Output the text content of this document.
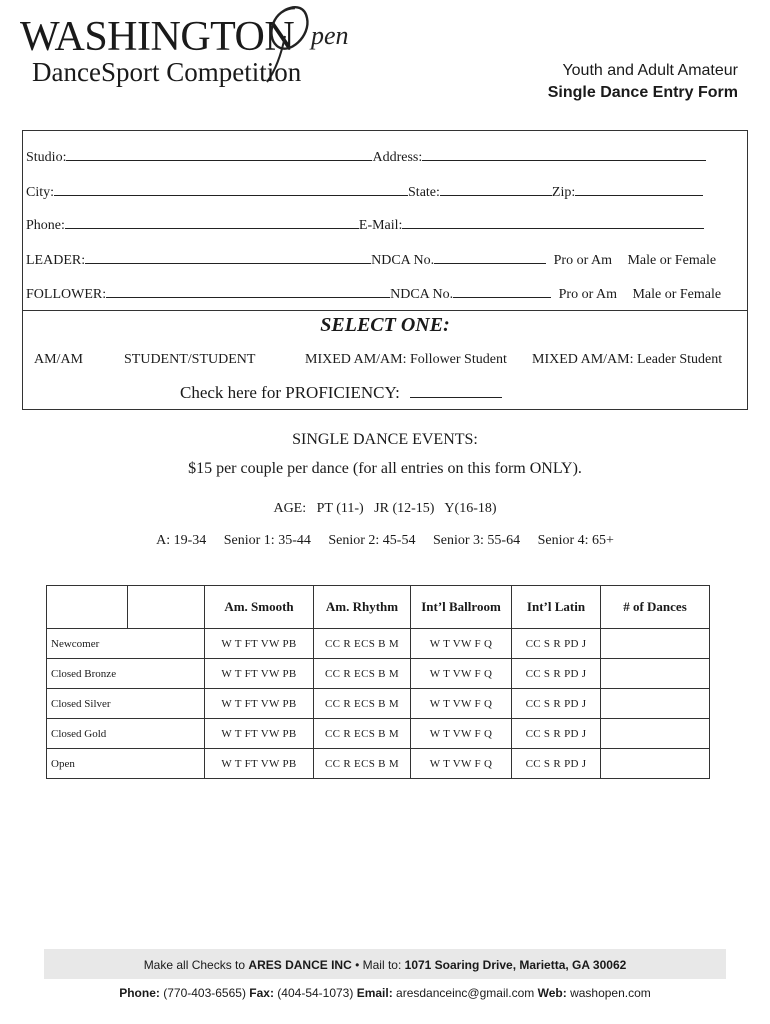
WASHINGTON pen
DanceSport Competition	Youth and Adult Amateur
Single Dance Entry Form
Studio:	Address:
City:	State:	Zip:
Phone:	E-Mail:
LEADER:	NDCA No.	Pro or Am Male or Female
FOLLOWER:	NDCA No.	Pro or Am Male or Female
SELECT ONE:
AM/AM	STUDENT/STUDENT	MIXED AM/AM: Follower Student MIXED AM/AM: Leader Student
Check here for PROFICIENCY:
SINGLE DANCE EVENTS:
$15 per couple per dance (for all entries on this form ONLY).
AGE:   PT (11-)   JR (12-15)   Y(16-18)
A: 19-34     Senior 1: 35-44     Senior 2: 45-54     Senior 3: 55-64     Senior 4: 65+
		Am. Smooth	Am. Rhythm	Int’l Ballroom	Int’l Latin	# of Dances
Newcomer		W T FT VW PB	CC R ECS B M	W T VW F Q	CC S R PD J	
Closed Bronze		W T FT VW PB	CC R ECS B M	W T VW F Q	CC S R PD J	
Closed Silver		W T FT VW PB	CC R ECS B M	W T VW F Q	CC S R PD J	
Closed Gold		W T FT VW PB	CC R ECS B M	W T VW F Q	CC S R PD J	
Open		W T FT VW PB	CC R ECS B M	W T VW F Q	CC S R PD J	
Make all Checks to ARES DANCE INC • Mail to: 1071 Soaring Drive, Marietta, GA 30062
Phone: (770-403-6565) Fax: (404-54-1073) Email: aresdanceinc@gmail.com Web: washopen.com
